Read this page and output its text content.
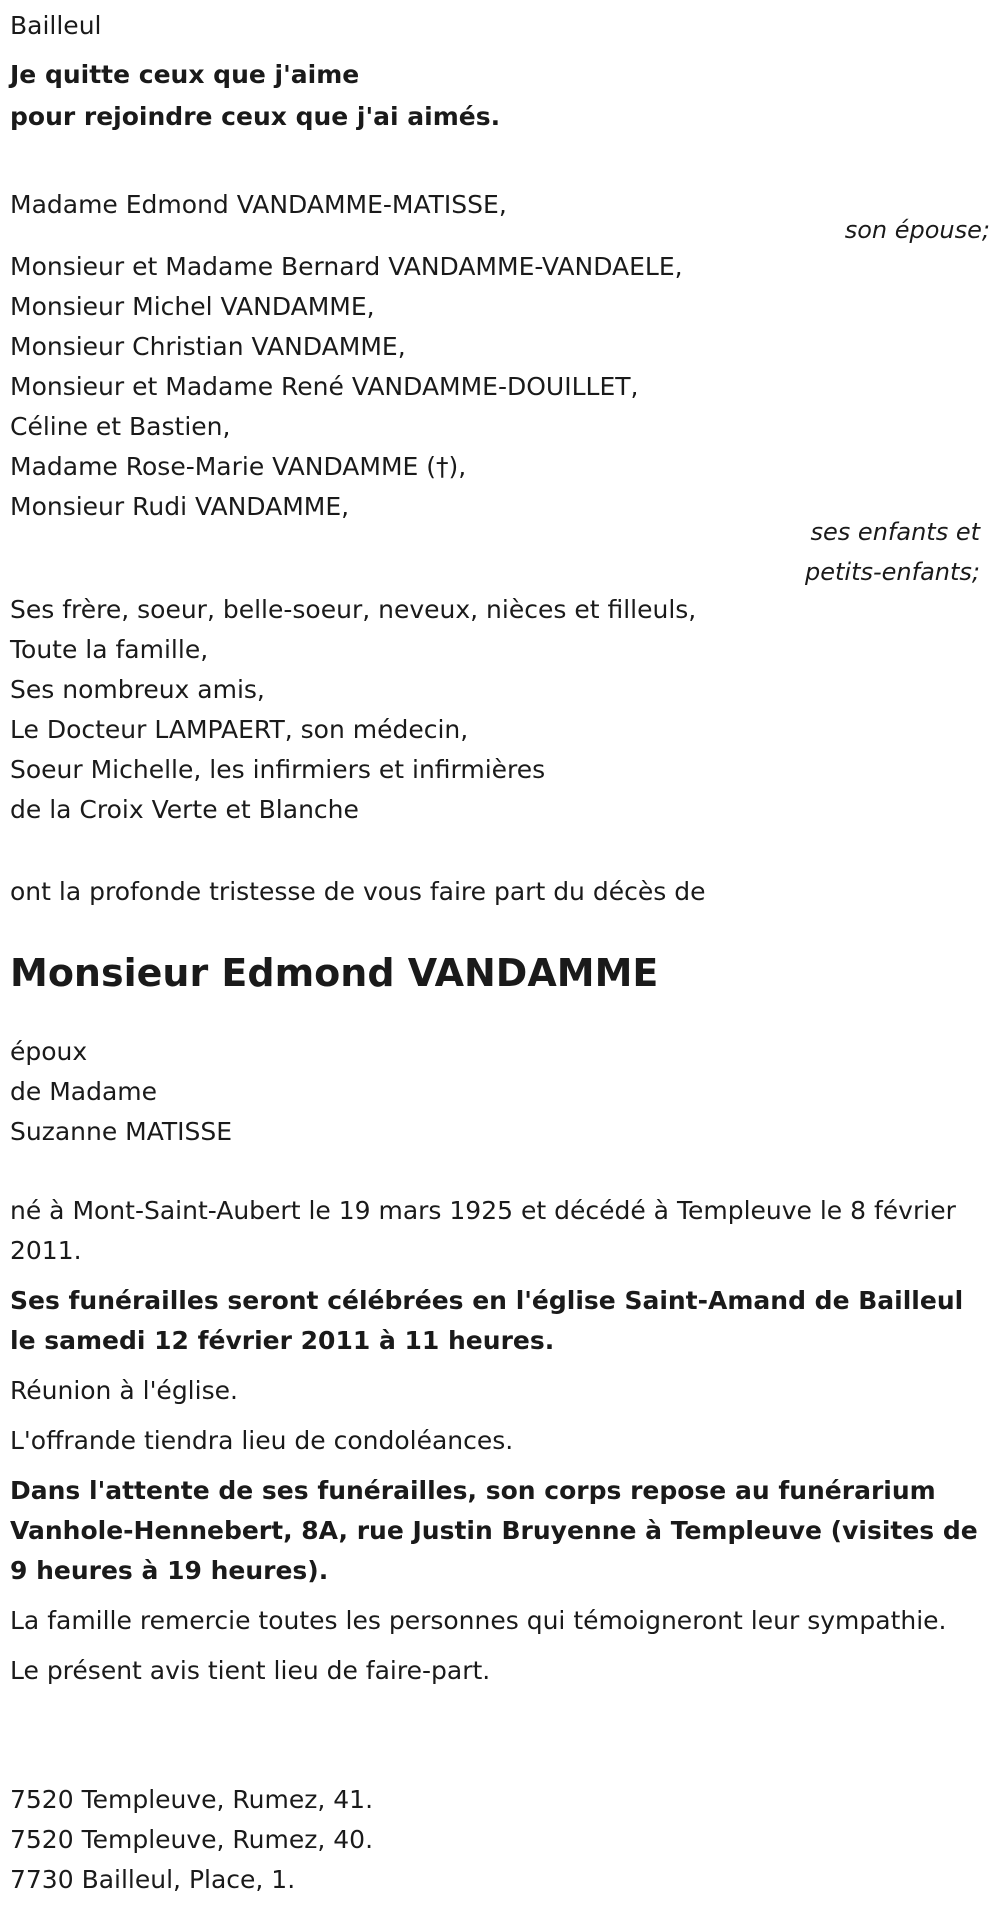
Bailleul
Je quitte ceux que j'aime
pour rejoindre ceux que j'ai aimés.
Madame Edmond VANDAMME-MATISSE,
son épouse;
Monsieur et Madame Bernard VANDAMME-VANDAELE,
Monsieur Michel VANDAMME,
Monsieur Christian VANDAMME,
Monsieur et Madame René VANDAMME-DOUILLET,
Céline et Bastien,
Madame Rose-Marie VANDAMME (†),
Monsieur Rudi VANDAMME,
ses enfants et
petits-enfants;
Ses frère, soeur, belle-soeur, neveux, nièces et filleuls,
Toute la famille,
Ses nombreux amis,
Le Docteur LAMPAERT, son médecin,
Soeur Michelle, les infirmiers et infirmières
de la Croix Verte et Blanche
ont la profonde tristesse de vous faire part du décès de
Monsieur Edmond VANDAMME
époux
de Madame
Suzanne MATISSE

né à Mont-Saint-Aubert le 19 mars 1925 et décédé à Templeuve le 8 février 2011.

Ses funérailles seront célébrées en l'église Saint-Amand de Bailleul le samedi 12 février 2011 à 11 heures.

Réunion à l'église.

L'offrande tiendra lieu de condoléances.

Dans l'attente de ses funérailles, son corps repose au funérarium Vanhole-Hennebert, 8A, rue Justin Bruyenne à Templeuve (visites de 9 heures à 19 heures).

La famille remercie toutes les personnes qui témoigneront leur sympathie.

Le présent avis tient lieu de faire-part.

7520 Templeuve, Rumez, 41.
7520 Templeuve, Rumez, 40.
7730 Bailleul, Place, 1.
